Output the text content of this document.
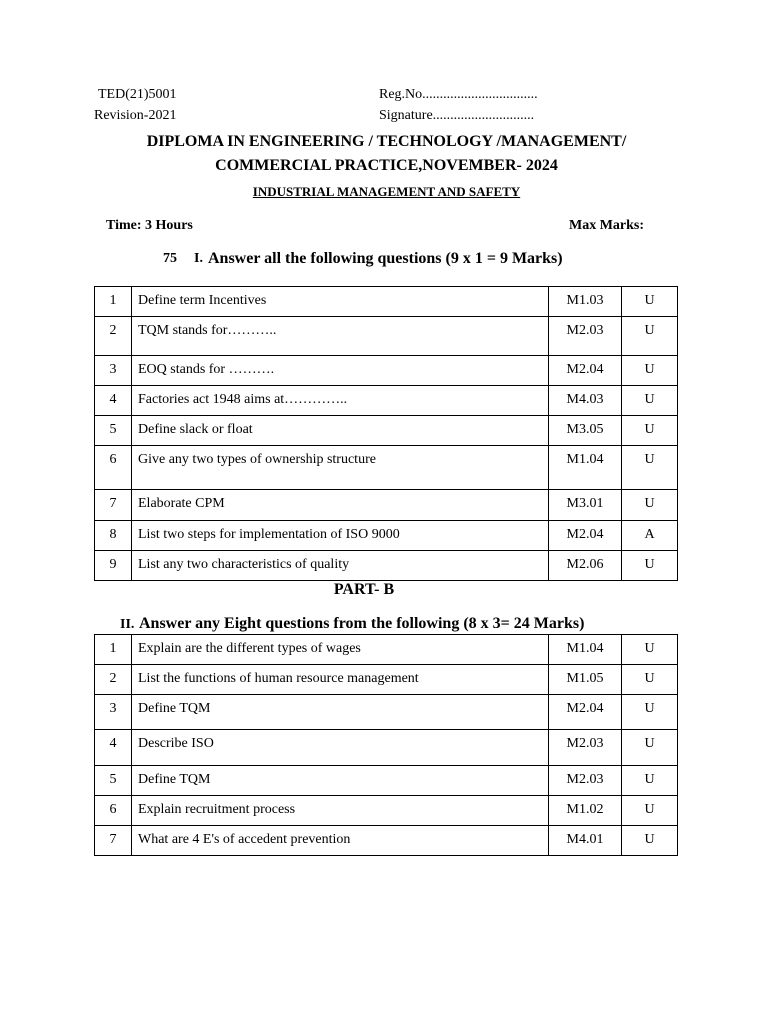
TED(21)5001
Revision-2021
Reg.No.................................
Signature.............................
DIPLOMA IN ENGINEERING / TECHNOLOGY /MANAGEMENT/
COMMERCIAL PRACTICE,NOVEMBER- 2024
INDUSTRIAL MANAGEMENT AND SAFETY
Time: 3 Hours	Max Marks:
75 I. Answer all the following questions (9 x 1 = 9 Marks)
1	Define term Incentives	M1.03	U

2	TQM stands for………..	M2.03	U

3	EOQ stands for ……….	M2.04	U

4	Factories act 1948 aims at…………..	M4.03	U

5	Define slack or float	M3.05	U

6	Give any two types of ownership structure	M1.04	U

7	Elaborate CPM	M3.01	U

8	List two steps for implementation of ISO 9000	M2.04	A

9	List any two characteristics of quality	M2.06	U
PART- B
II. Answer any Eight questions from the following (8 x 3= 24 Marks)
1	Explain are the different types of wages	M1.04	U

2	List the functions of human resource management	M1.05	U

3	Define TQM	M2.04	U

4	Describe ISO	M2.03	U

5	Define TQM	M2.03	U

6	Explain recruitment process	M1.02	U

7	What are 4 E's of accedent prevention	M4.01	U
